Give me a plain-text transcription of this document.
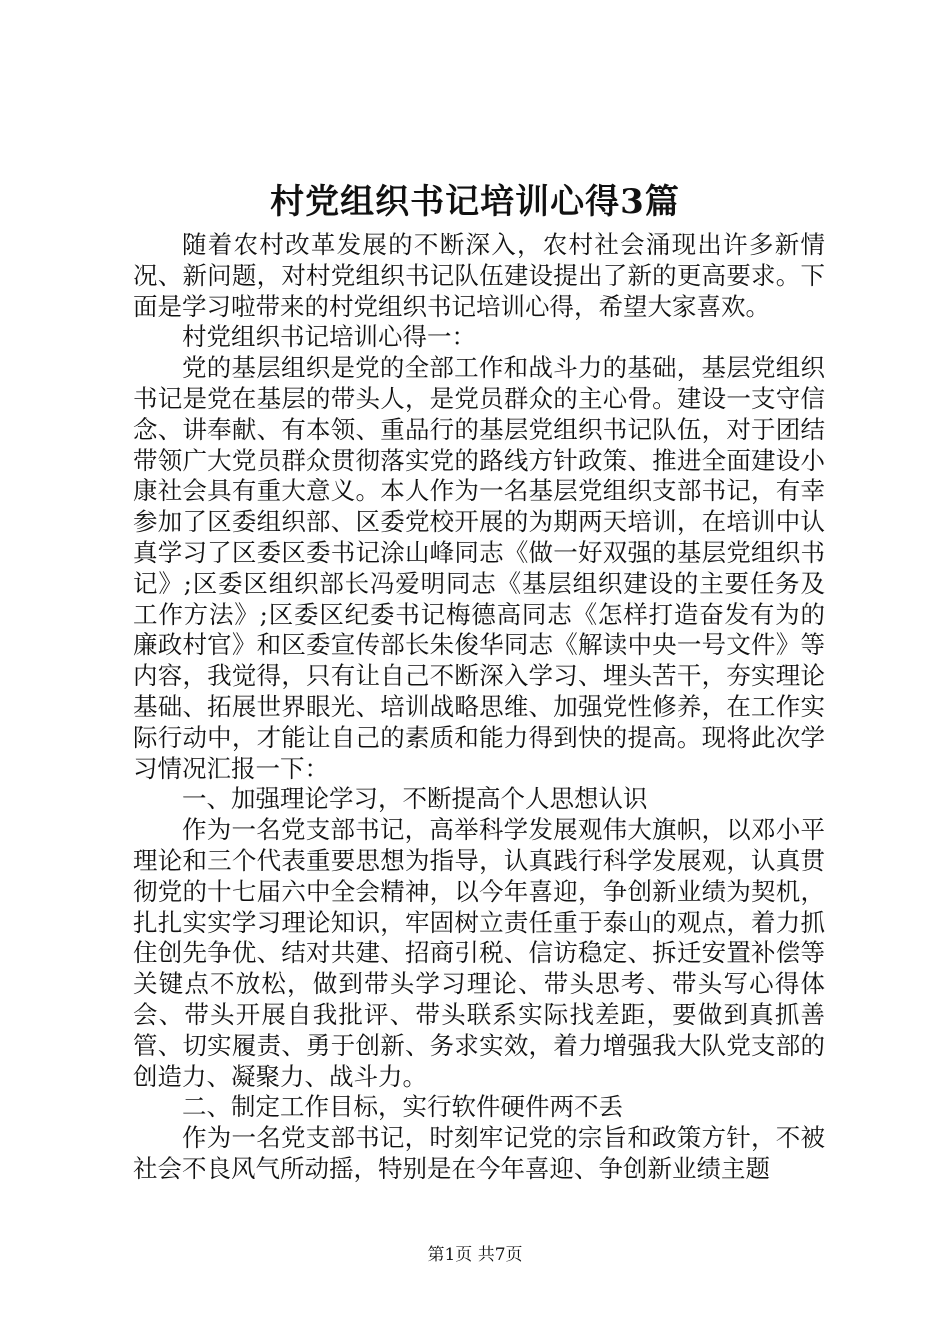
村党组织书记培训心得3篇

随着农村改革发展的不断深入，农村社会涌现出许多新情况、新问题，对村党组织书记队伍建设提出了新的更高要求。下面是学习啦带来的村党组织书记培训心得，希望大家喜欢。

村党组织书记培训心得一：

党的基层组织是党的全部工作和战斗力的基础，基层党组织书记是党在基层的带头人，是党员群众的主心骨。建设一支守信念、讲奉献、有本领、重品行的基层党组织书记队伍，对于团结带领广大党员群众贯彻落实党的路线方针政策、推进全面建设小康社会具有重大意义。本人作为一名基层党组织支部书记，有幸参加了区委组织部、区委党校开展的为期两天培训，在培训中认真学习了区委区委书记涂山峰同志《做一好双强的基层党组织书记》;区委区组织部长冯爱明同志《基层组织建设的主要任务及工作方法》;区委区纪委书记梅德高同志《怎样打造奋发有为的廉政村官》和区委宣传部长朱俊华同志《解读中央一号文件》等内容，我觉得，只有让自己不断深入学习、埋头苦干，夯实理论基础、拓展世界眼光、培训战略思维、加强党性修养，在工作实际行动中，才能让自己的素质和能力得到快的提高。现将此次学习情况汇报一下：

一、加强理论学习，不断提高个人思想认识

作为一名党支部书记，高举科学发展观伟大旗帜，以邓小平理论和三个代表重要思想为指导，认真践行科学发展观，认真贯彻党的十七届六中全会精神，以今年喜迎，争创新业绩为契机，扎扎实实学习理论知识，牢固树立责任重于泰山的观点，着力抓住创先争优、结对共建、招商引税、信访稳定、拆迁安置补偿等关键点不放松，做到带头学习理论、带头思考、带头写心得体会、带头开展自我批评、带头联系实际找差距，要做到真抓善管、切实履责、勇于创新、务求实效，着力增强我大队党支部的创造力、凝聚力、战斗力。

二、制定工作目标，实行软件硬件两不丢

作为一名党支部书记，时刻牢记党的宗旨和政策方针，不被社会不良风气所动摇，特别是在今年喜迎、争创新业绩主题

第1页 共7页
